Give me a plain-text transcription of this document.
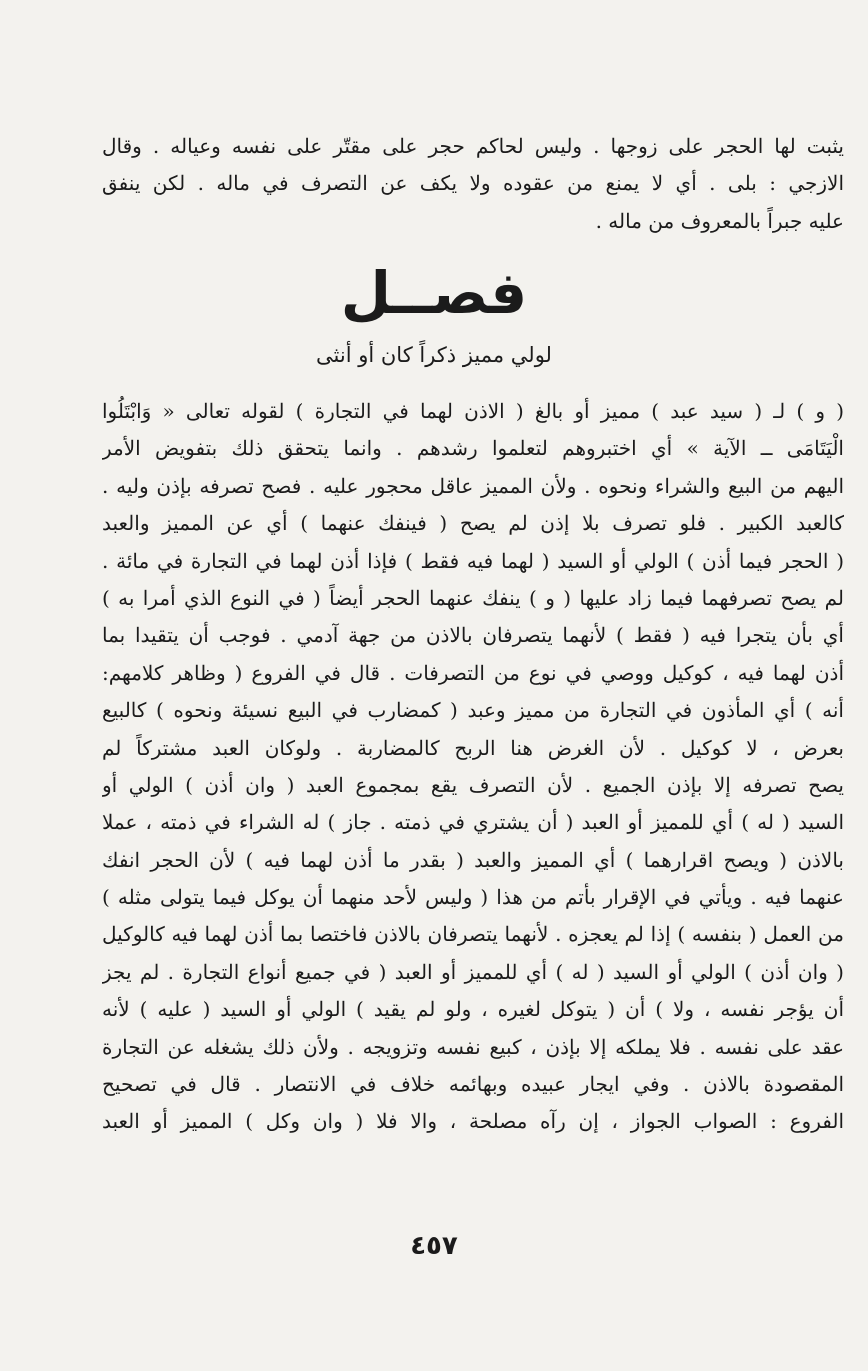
يثبت لها الحجر على زوجها . وليس لحاكم حجر على مقتّر على نفسه وعياله . وقال
الازجي : بلى . أي لا يمنع من عقوده ولا يكف عن التصرف في ماله . لكن ينفق
عليه جبراً بالمعروف من ماله .
فصــل
لولي مميز ذكراً كان أو أنثى
( و ) لـ ( سيد عبد ) مميز أو بالغ ( الاذن لهما في التجارة ) لقوله تعالى « وَابْتَلُوا
الْيَتَامَى ــ الآية » أي اختبروهم لتعلموا رشدهم . وانما يتحقق ذلك بتفويض الأمر
اليهم من البيع والشراء ونحوه . ولأن المميز عاقل محجور عليه . فصح تصرفه بإذن وليه .
كالعبد الكبير . فلو تصرف بلا إذن لم يصح ( فينفك عنهما ) أي عن المميز والعبد
( الحجر فيما أذن ) الولي أو السيد ( لهما فيه فقط ) فإذا أذن لهما في التجارة في مائة .
لم يصح تصرفهما فيما زاد عليها ( و ) ينفك عنهما الحجر أيضاً ( في النوع الذي أمرا به )
أي بأن يتجرا فيه ( فقط ) لأنهما يتصرفان بالاذن من جهة آدمي . فوجب أن يتقيدا بما
أذن لهما فيه ، كوكيل ووصي في نوع من التصرفات . قال في الفروع ( وظاهر كلامهم:
أنه ) أي المأذون في التجارة من مميز وعبد ( كمضارب في البيع نسيئة ونحوه ) كالبيع
بعرض ، لا كوكيل . لأن الغرض هنا الربح كالمضاربة . ولوكان العبد مشتركاً لم
يصح تصرفه إلا بإذن الجميع . لأن التصرف يقع بمجموع العبد ( وان أذن ) الولي أو
السيد ( له ) أي للمميز أو العبد ( أن يشتري في ذمته . جاز ) له الشراء في ذمته ، عملا
بالاذن ( ويصح اقرارهما ) أي المميز والعبد ( بقدر ما أذن لهما فيه ) لأن الحجر انفك
عنهما فيه . ويأتي في الإقرار بأتم من هذا ( وليس لأحد منهما أن يوكل فيما يتولى مثله )
من العمل ( بنفسه ) إذا لم يعجزه . لأنهما يتصرفان بالاذن فاختصا بما أذن لهما فيه كالوكيل
( وان أذن ) الولي أو السيد ( له ) أي للمميز أو العبد ( في جميع أنواع التجارة . لم يجز
أن يؤجر نفسه ، ولا ) أن ( يتوكل لغيره ، ولو لم يقيد ) الولي أو السيد ( عليه ) لأنه
عقد على نفسه . فلا يملكه إلا بإذن ، كبيع نفسه وتزويجه . ولأن ذلك يشغله عن التجارة
المقصودة بالاذن . وفي ايجار عبيده وبهائمه خلاف في الانتصار . قال في تصحيح
الفروع : الصواب الجواز ، إن رآه مصلحة ، والا فلا ( وان وكل ) المميز أو العبد
٤٥٧
